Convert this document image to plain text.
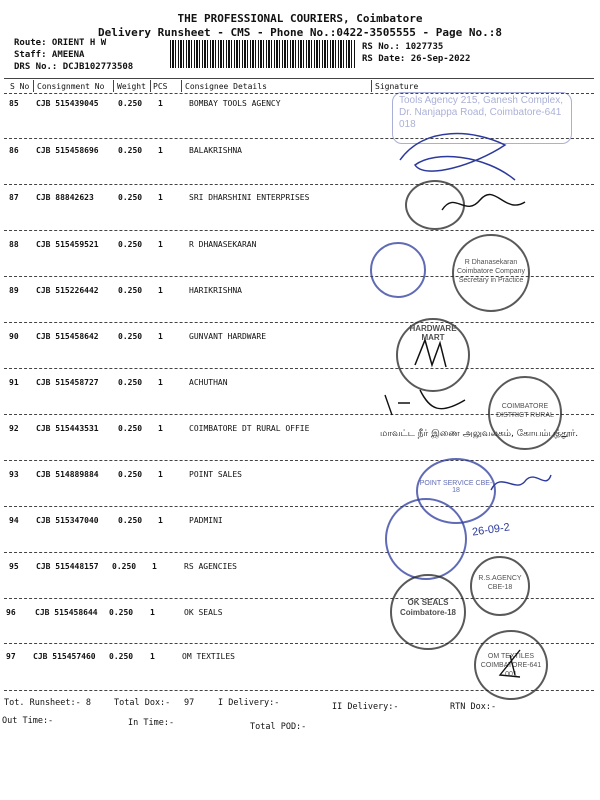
THE PROFESSIONAL COURIERS, Coimbatore
Delivery Runsheet - CMS - Phone No.:0422-3505555 - Page No.:8
Route: ORIENT H W
Staff: AMEENA
DRS No.: DCJB102773508
RS No.: 1027735
RS Date: 26-Sep-2022
S No Consignment No Weight PCS Consignee Details	Signature
85 CJB 515439045 0.250 1	BOMBAY TOOLS AGENCY
86 CJB 515458696 0.250 1	BALAKRISHNA
87 CJB 88842623	0.250 1	SRI DHARSHINI ENTERPRISES
88 CJB 515459521 0.250 1	R DHANASEKARAN
89 CJB 515226442 0.250 1	HARIKRISHNA
90 CJB 515458642 0.250 1	GUNVANT HARDWARE
91 CJB 515458727 0.250 1	ACHUTHAN
92 CJB 515443531 0.250 1	COIMBATORE DT RURAL OFFIE
93 CJB 514889884 0.250 1	POINT SALES
94 CJB 515347040 0.250 1	PADMINI
95 CJB 515448157 0.250 1	RS AGENCIES
96 CJB 515458644 0.250 1	OK SEALS
97 CJB 515457460 0.250 1	OM TEXTILES
Tools Agency 215, Ganesh Complex, Dr. Nanjappa Road, Coimbatore-641 018
R Dhanasekaran Coimbatore Company Secretary in Practice
HARDWARE MART
COIMBATORE DISTRICT RURAL
மாவட்ட நீர் இணை அலுவலகம், கோயம்புத்தூர்.
POINT SERVICE CBE-18
26-09-2
R.S.AGENCY CBE-18
OK SEALS Coimbatore-18
OM TEXTILES COIMBATORE-641 001
Tot. Runsheet:- 8	Total Dox:- 97	I Delivery:-	II Delivery:-	RTN Dox:-
Out Time:-	In Time:-	Total POD:-
